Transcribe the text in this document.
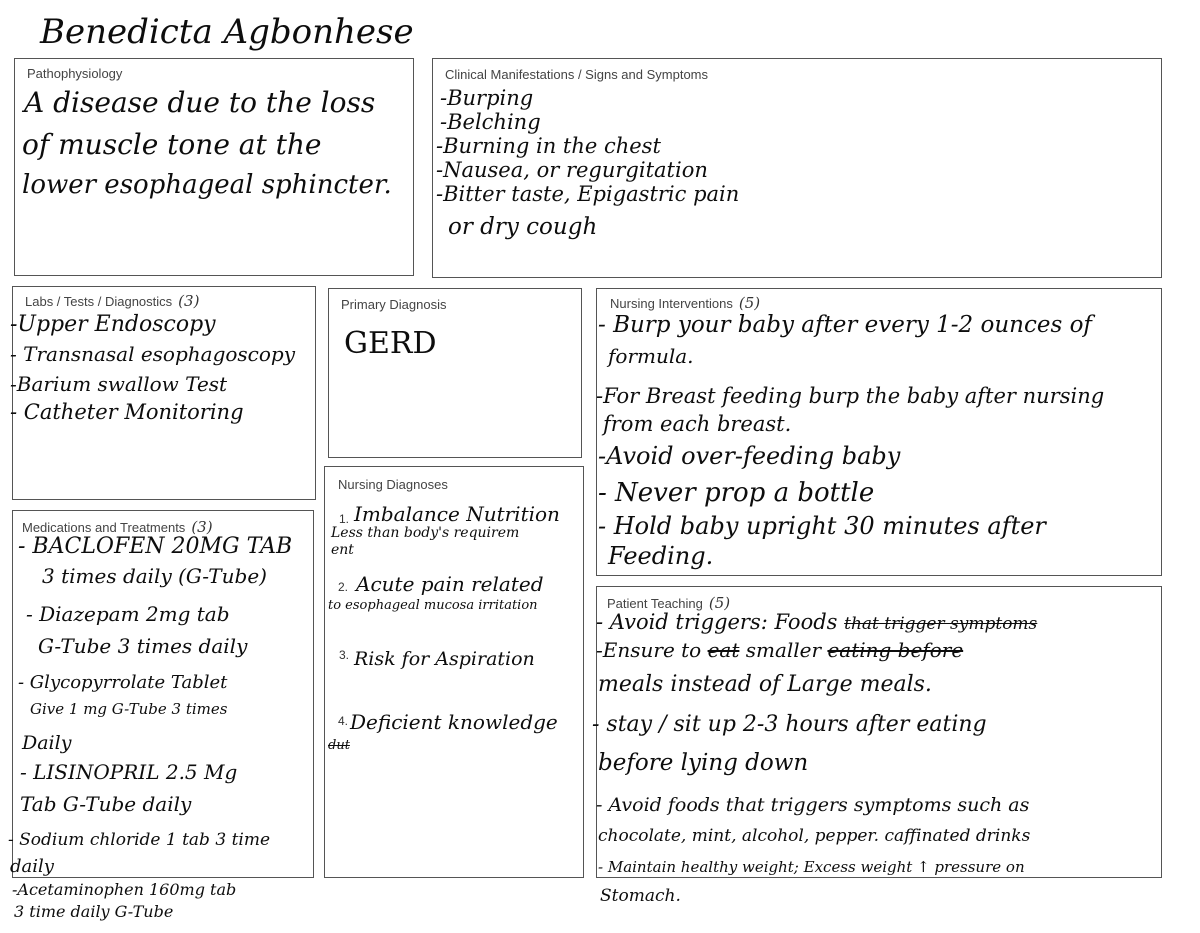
Benedicta Agbonhese
Pathophysiology
A disease due to the loss
of muscle tone at the
lower esophageal sphincter.
Clinical Manifestations / Signs and Symptoms
-Burping
-Belching
-Burning in the chest
-Nausea, or regurgitation
-Bitter taste, Epigastric pain
or dry cough
Labs / Tests / Diagnostics (3)
-Upper Endoscopy
- Transnasal esophagoscopy
-Barium swallow Test
- Catheter Monitoring
Primary Diagnosis
GERD
Nursing Diagnoses
1. Imbalance Nutrition
Less than body's requirem
ent
2. Acute pain related
to esophageal mucosa irritation
3. Risk for Aspiration
4. Deficient knowledge
dut
Nursing Interventions (5)
- Burp your baby after every 1-2 ounces of
formula.
-For Breast feeding burp the baby after nursing
from each breast.
-Avoid over-feeding baby
- Never prop a bottle
- Hold baby upright 30 minutes after
Feeding.
Medications and Treatments (3)
- BACLOFEN 20MG TAB
3 times daily (G-Tube)
- Diazepam 2mg tab
G-Tube 3 times daily
- Glycopyrrolate Tablet
Give 1 mg G-Tube 3 times
Daily
- LISINOPRIL 2.5 Mg
Tab G-Tube daily
- Sodium chloride 1 tab 3 time
daily
-Acetaminophen 160mg tab
3 time daily G-Tube
Patient Teaching (5)
- Avoid triggers: Foods that trigger symptoms
-Ensure to eat smaller eating before
meals instead of Large meals.
- stay / sit up 2-3 hours after eating
before lying down
- Avoid foods that triggers symptoms such as
chocolate, mint, alcohol, pepper. caffinated drinks
- Maintain healthy weight; Excess weight ↑ pressure on
Stomach.
